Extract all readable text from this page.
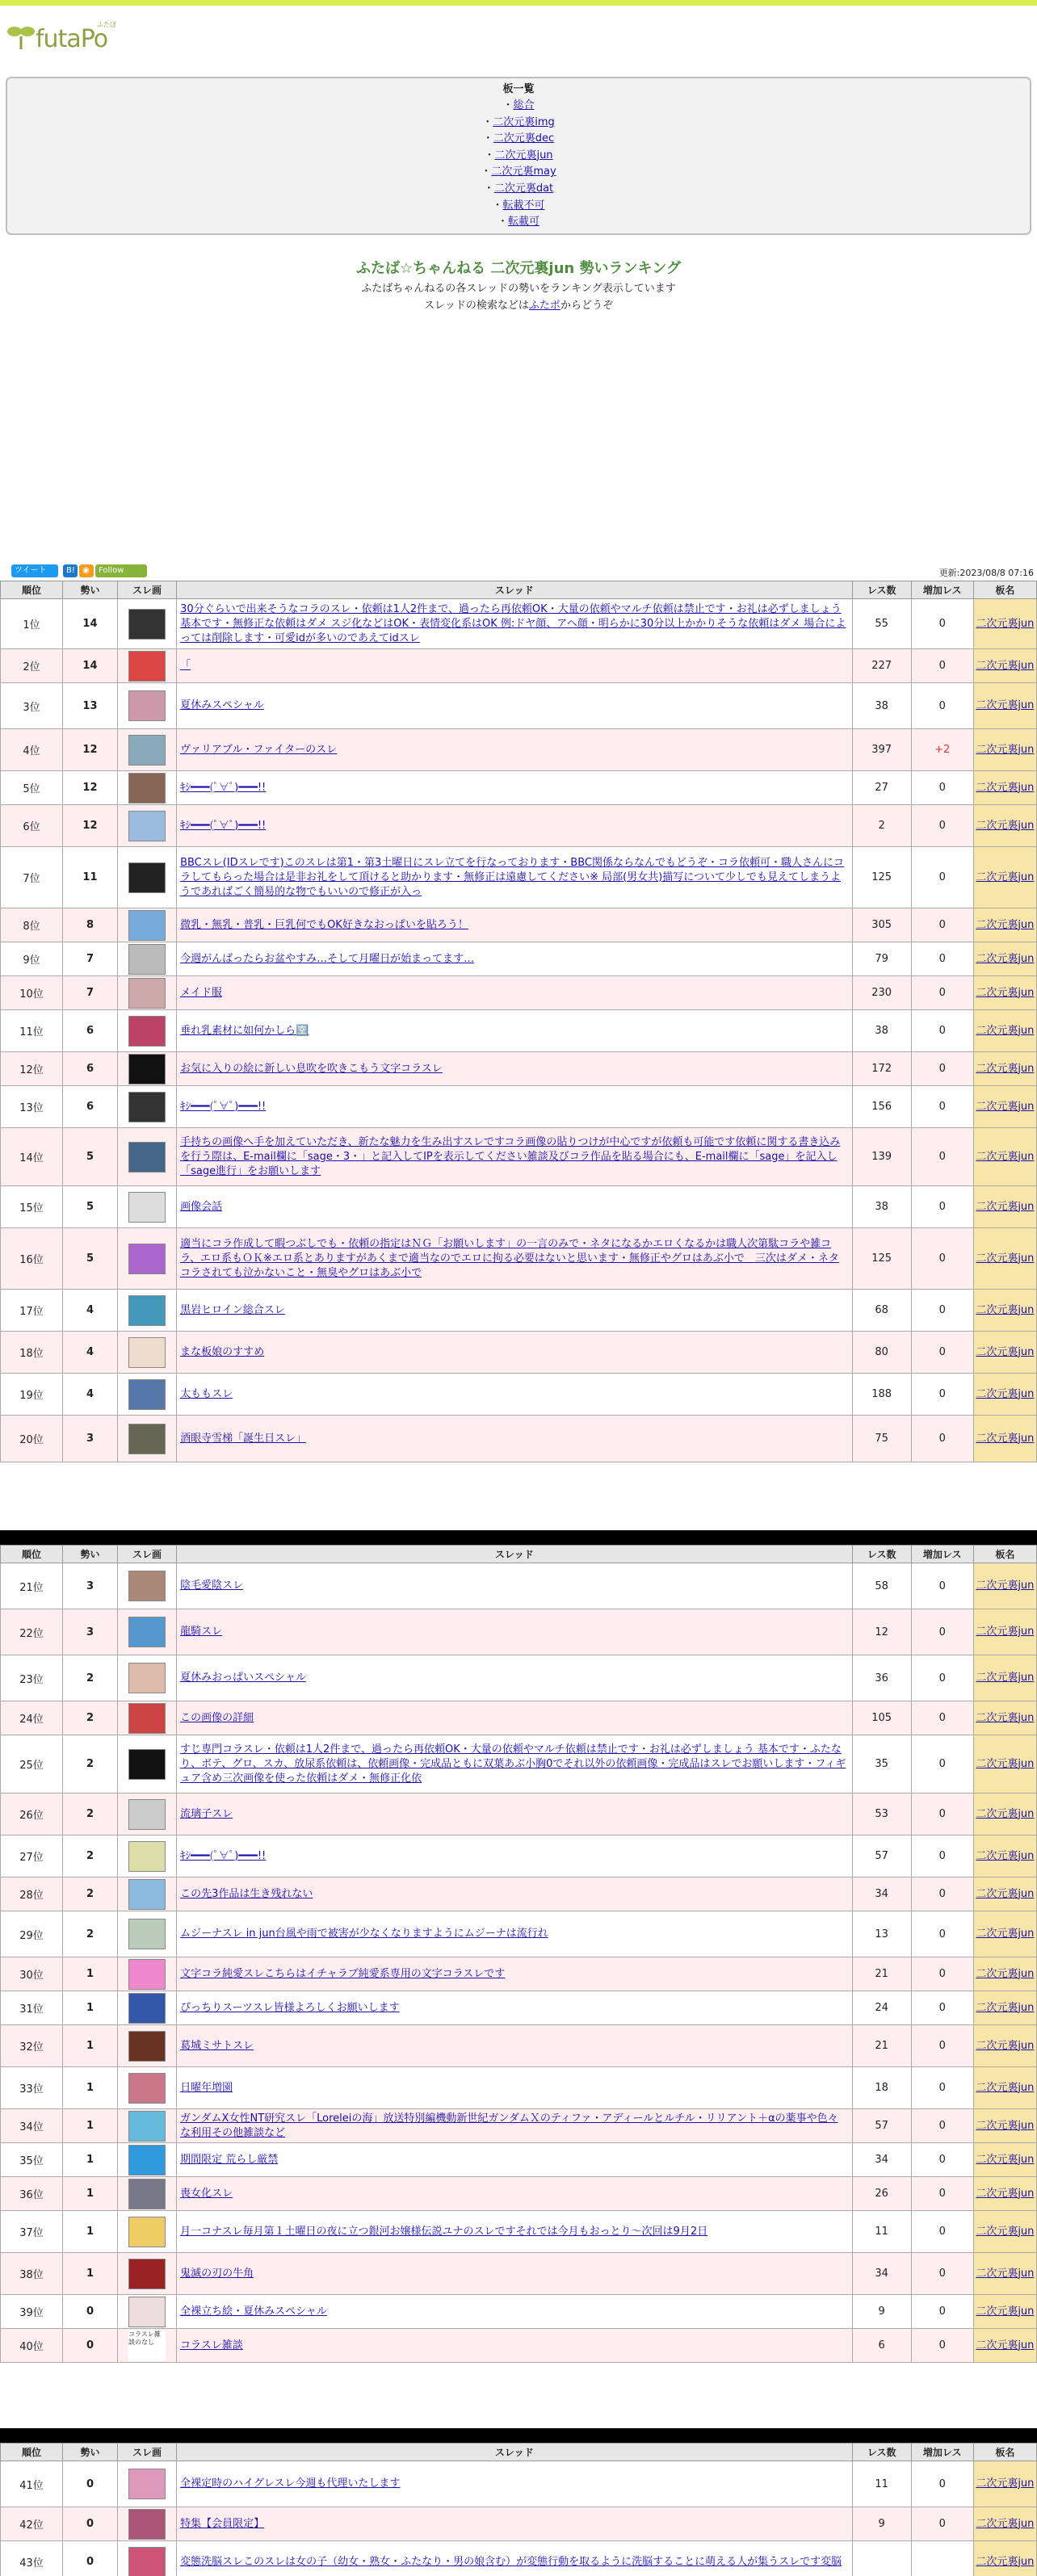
futaPo
ふたぽ
板一覧
・総合
・二次元裏img
・二次元裏dec
・二次元裏jun
・二次元裏may
・二次元裏dat
・転載不可
・転載可
ふたば☆ちゃんねる 二次元裏jun 勢いランキング

ふたばちゃんねるの各スレッドの勢いをランキング表示しています

スレッドの検索などはふたポからどうぞ

ツイート B! ◉ Follow	更新:2023/08/8 07:16
順位	勢い	スレ画	スレッド	レス数	増加レス	板名
1位	14		30分ぐらいで出来そうなコラのスレ・依頼は1人2件まで、過ったら再依頼OK・大量の依頼やマルチ依頼は禁止です・お礼は必ずしましょう 基本です・無修正な依頼はダメ スジ化などはOK・表情変化系はOK 例:ドヤ顔、アヘ顔・明らかに30分以上かかりそうな依頼はダメ 場合によっては削除します・可愛idが多いのであえてidスレ	55	0	二次元裏jun
2位	14		「	227	0	二次元裏jun
3位	13		夏休みスペシャル	38	0	二次元裏jun
4位	12		ヴァリアブル・ファイターのスレ	397	+2	二次元裏jun
5位	12		ｷｼ━━━(ﾟ∀ﾟ)━━━!!	27	0	二次元裏jun
6位	12		ｷｼ━━━(ﾟ∀ﾟ)━━━!!	2	0	二次元裏jun
7位	11		BBCスレ(IDスレです)このスレは第1・第3土曜日にスレ立てを行なっております・BBC関係ならなんでもどうぞ・コラ依頼可・職人さんにコラしてもらった場合は是非お礼をして頂けると助かります・無修正は遠慮してください※ 局部(男女共)描写について少しでも見えてしまうようであればごく簡易的な物でもいいので修正が入っ	125	0	二次元裏jun
8位	8		微乳・無乳・普乳・巨乳何でもOK好きなおっぱいを貼ろう！	305	0	二次元裏jun
9位	7		今週がんばったらお盆やすみ…そして月曜日が始まってます…	79	0	二次元裏jun
10位	7		メイド服	230	0	二次元裏jun
11位	6		垂れ乳素材に如何かしら🈳	38	0	二次元裏jun
12位	6		お気に入りの絵に新しい息吹を吹きこもう文字コラスレ	172	0	二次元裏jun
13位	6		ｷｼ━━━(ﾟ∀ﾟ)━━━!!	156	0	二次元裏jun
14位	5		手持ちの画像へ手を加えていただき、新たな魅力を生み出すスレですコラ画像の貼りつけが中心ですが依頼も可能です依頼に関する書き込みを行う際は、E-mail欄に「sage・3・」と記入してIPを表示してください雑談及びコラ作品を貼る場合にも、E-mail欄に「sage」を記入し「sage進行」をお願いします	139	0	二次元裏jun
15位	5		画像会話	38	0	二次元裏jun
16位	5		適当にコラ作成して暇つぶしでも・依頼の指定はＮＧ「お願いします」の一言のみで・ネタになるかエロくなるかは職人次第駄コラや雑コラ、エロ系もＯＫ※エロ系とありますがあくまで適当なのでエロに拘る必要はないと思います・無修正やグロはあぶ小で　三次はダメ・ネタコラされても泣かないこと・無臭やグロはあぶ小で	125	0	二次元裏jun
17位	4		黒岩ヒロイン総合スレ	68	0	二次元裏jun
18位	4		まな板娘のすすめ	80	0	二次元裏jun
19位	4		太ももスレ	188	0	二次元裏jun
20位	3		酒眼寺雪梯「誕生日スレ」	75	0	二次元裏jun
順位	勢い	スレ画	スレッド	レス数	増加レス	板名
21位	3		陰毛愛陰スレ	58	0	二次元裏jun
22位	3		龍騎スレ	12	0	二次元裏jun
23位	2		夏休みおっぱいスペシャル	36	0	二次元裏jun
24位	2		この画像の詳細	105	0	二次元裏jun
25位	2		すじ専門コラスレ・依頼は1人2件まで、過ったら再依頼OK・大量の依頼やマルチ依頼は禁止です・お礼は必ずしましょう 基本です・ふたなり、ボテ、グロ、スカ、放尿系依頼は、依頼画像・完成品ともに双葉あぶ小胸0でそれ以外の依頼画像・完成品はスレでお願いします・フィギュア含め三次画像を使った依頼はダメ・無修正化依	35	0	二次元裏jun
26位	2		流璃子スレ	53	0	二次元裏jun
27位	2		ｷｼ━━━(ﾟ∀ﾟ)━━━!!	57	0	二次元裏jun
28位	2		この先3作品は生き残れない	34	0	二次元裏jun
29位	2		ムジーナスレ in jun台風や雨で被害が少なくなりますようにムジーナは流行れ	13	0	二次元裏jun
30位	1		文字コラ純愛スレこちらはイチャラブ純愛系専用の文字コラスレです	21	0	二次元裏jun
31位	1		ぴっちりスーツスレ皆様よろしくお願いします	24	0	二次元裏jun
32位	1		葛城ミサトスレ	21	0	二次元裏jun
33位	1		日曜年増園	18	0	二次元裏jun
34位	1		ガンダムX女性NT研究スレ「Loreleiの海」放送特別編機動新世紀ガンダムＸのティファ・アディールとルチル・リリアント＋αの薬事や色々な利用その他雑談など	57	0	二次元裏jun
35位	1		期間限定 荒らし厳禁	34	0	二次元裏jun
36位	1		喪女化スレ	26	0	二次元裏jun
37位	1		月一コナスレ毎月第１土曜日の夜に立つ銀河お嬢様伝説ユナのスレですそれでは今月もおっとり〜次回は9月2日	11	0	二次元裏jun
38位	1		鬼滅の刃の牛角	34	0	二次元裏jun
39位	0		全裸立ち絵・夏休みスペシャル	9	0	二次元裏jun
40位	0	コラスレ雑談のなし	コラスレ雑談	6	0	二次元裏jun
順位	勢い	スレ画	スレッド	レス数	増加レス	板名
41位	0		全裸定時のハイグレスレ今週も代理いたします	11	0	二次元裏jun
42位	0		特集【会員限定】	9	0	二次元裏jun
43位	0		変態洗脳スレこのスレは女の子（幼女・熟女・ふたなり・男の娘含む）が変態行動を取るように洗脳することに萌える人が集うスレです変脳			二次元裏jun
